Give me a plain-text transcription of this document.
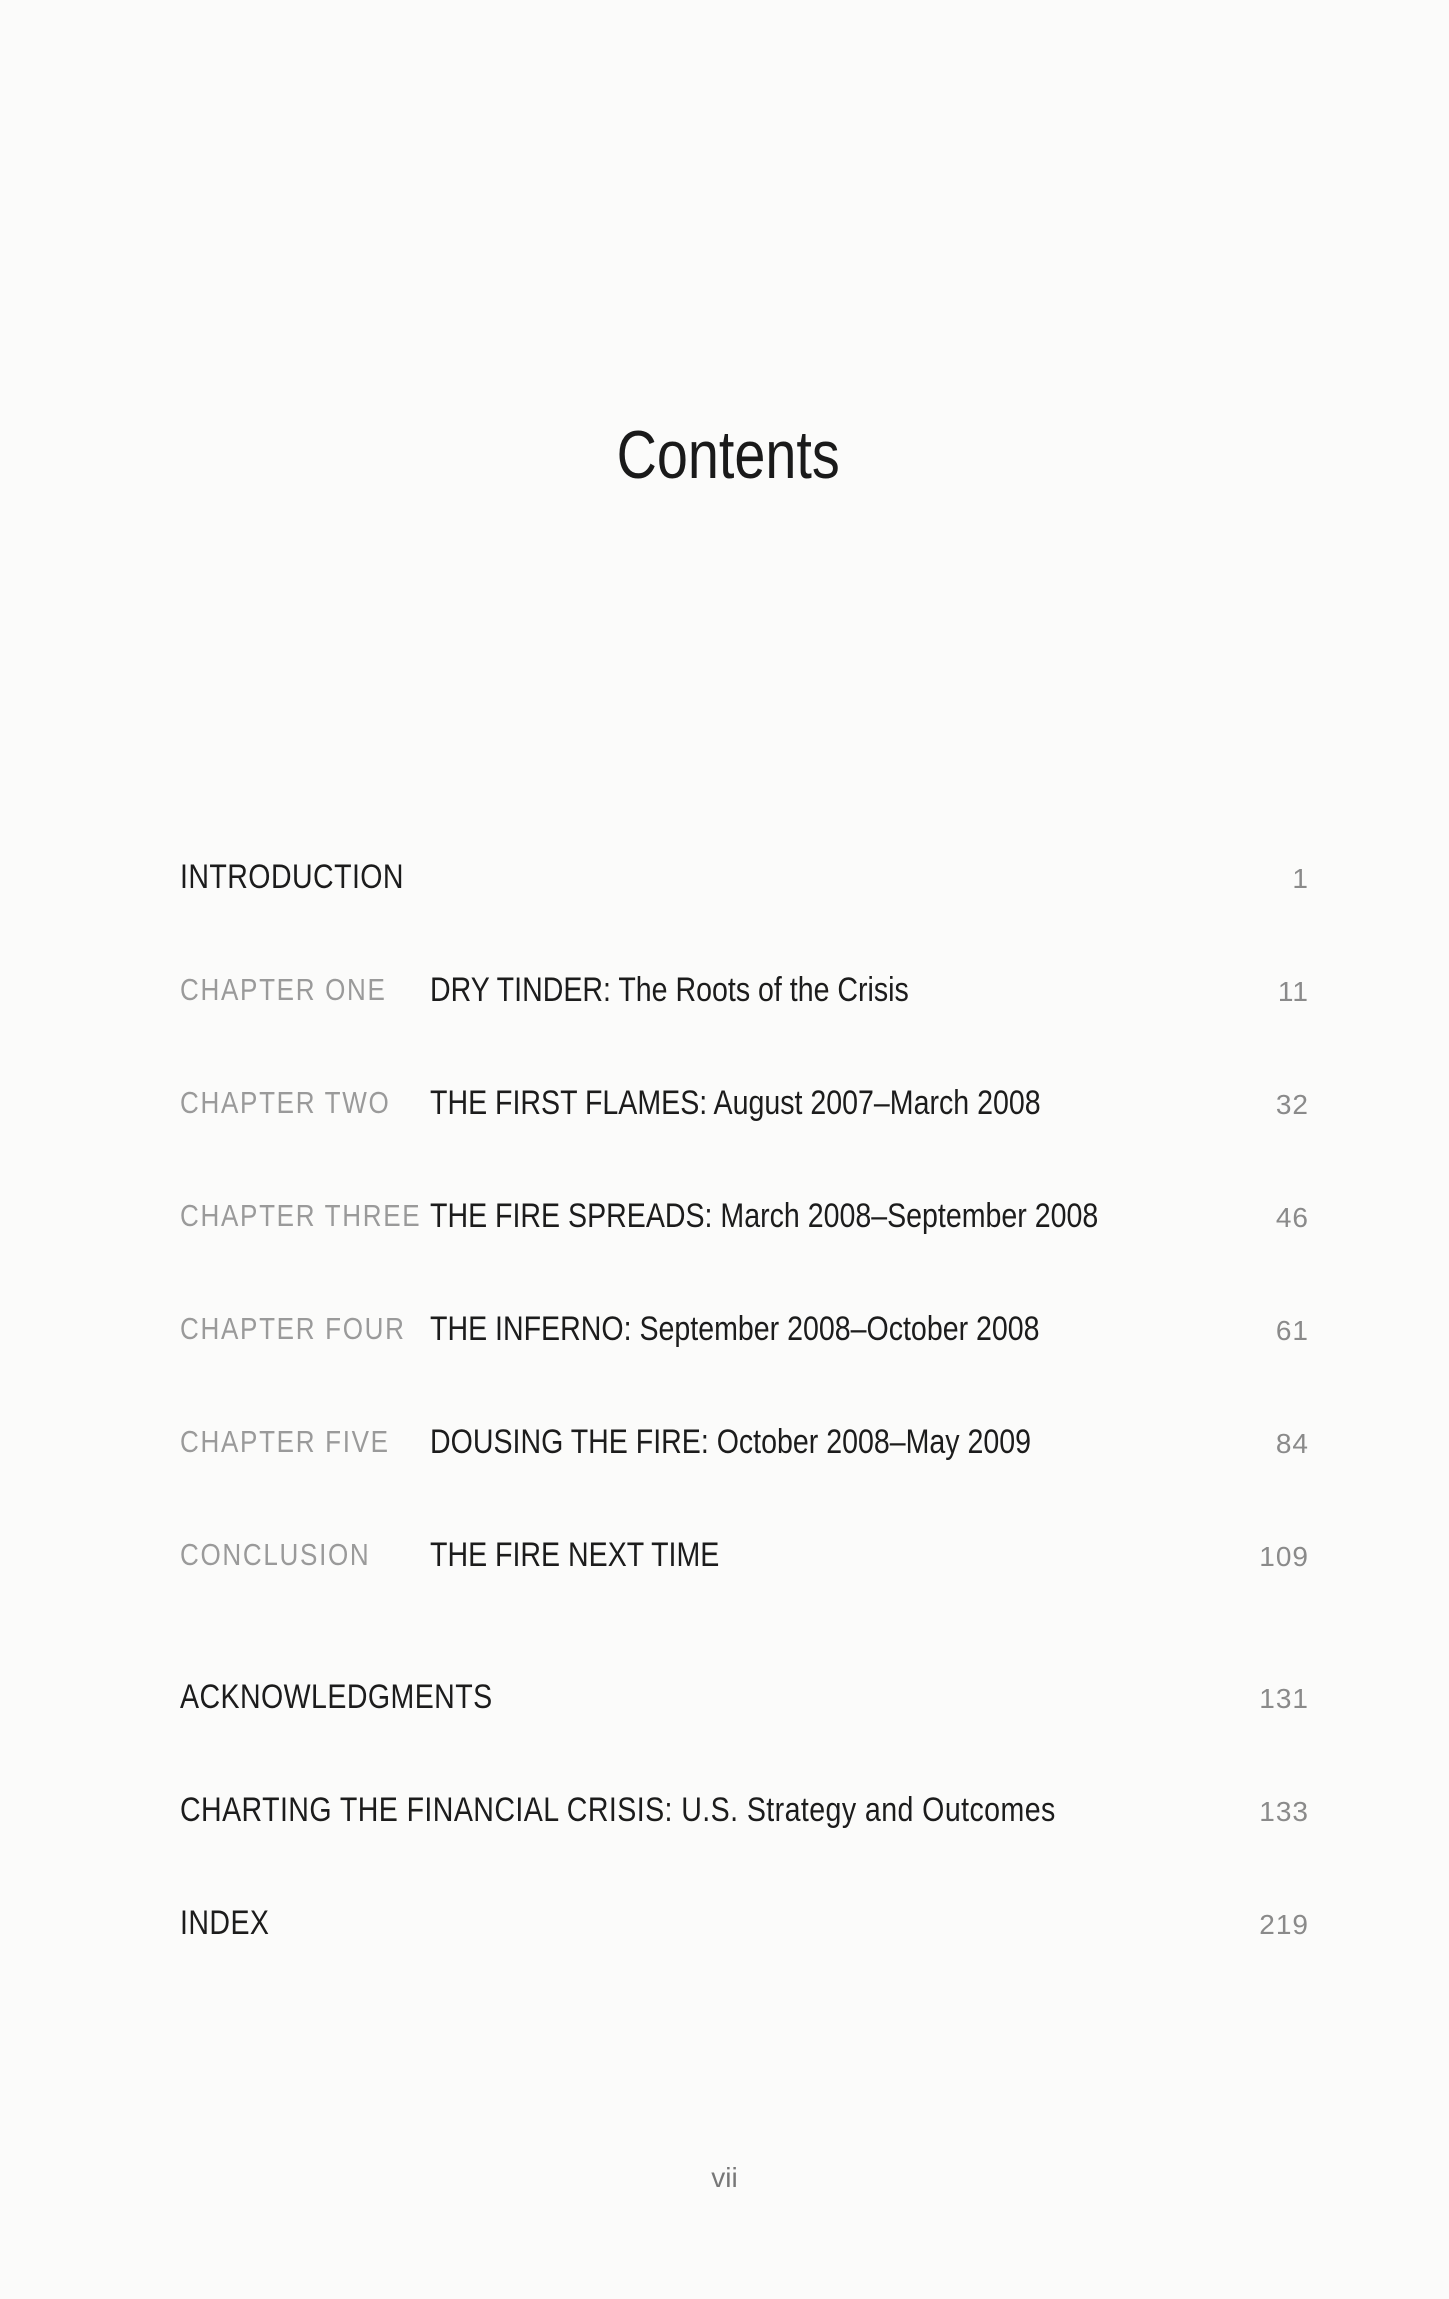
Contents
INTRODUCTION	1
CHAPTER ONE DRY TINDER: The Roots of the Crisis	11
CHAPTER TWO THE FIRST FLAMES: August 2007–March 2008	32
CHAPTER THREE THE FIRE SPREADS: March 2008–September 2008	46
CHAPTER FOUR THE INFERNO: September 2008–October 2008	61
CHAPTER FIVE DOUSING THE FIRE: October 2008–May 2009	84
CONCLUSION THE FIRE NEXT TIME	109
ACKNOWLEDGMENTS	131
CHARTING THE FINANCIAL CRISIS: U.S. Strategy and Outcomes	133
INDEX	219
vii
